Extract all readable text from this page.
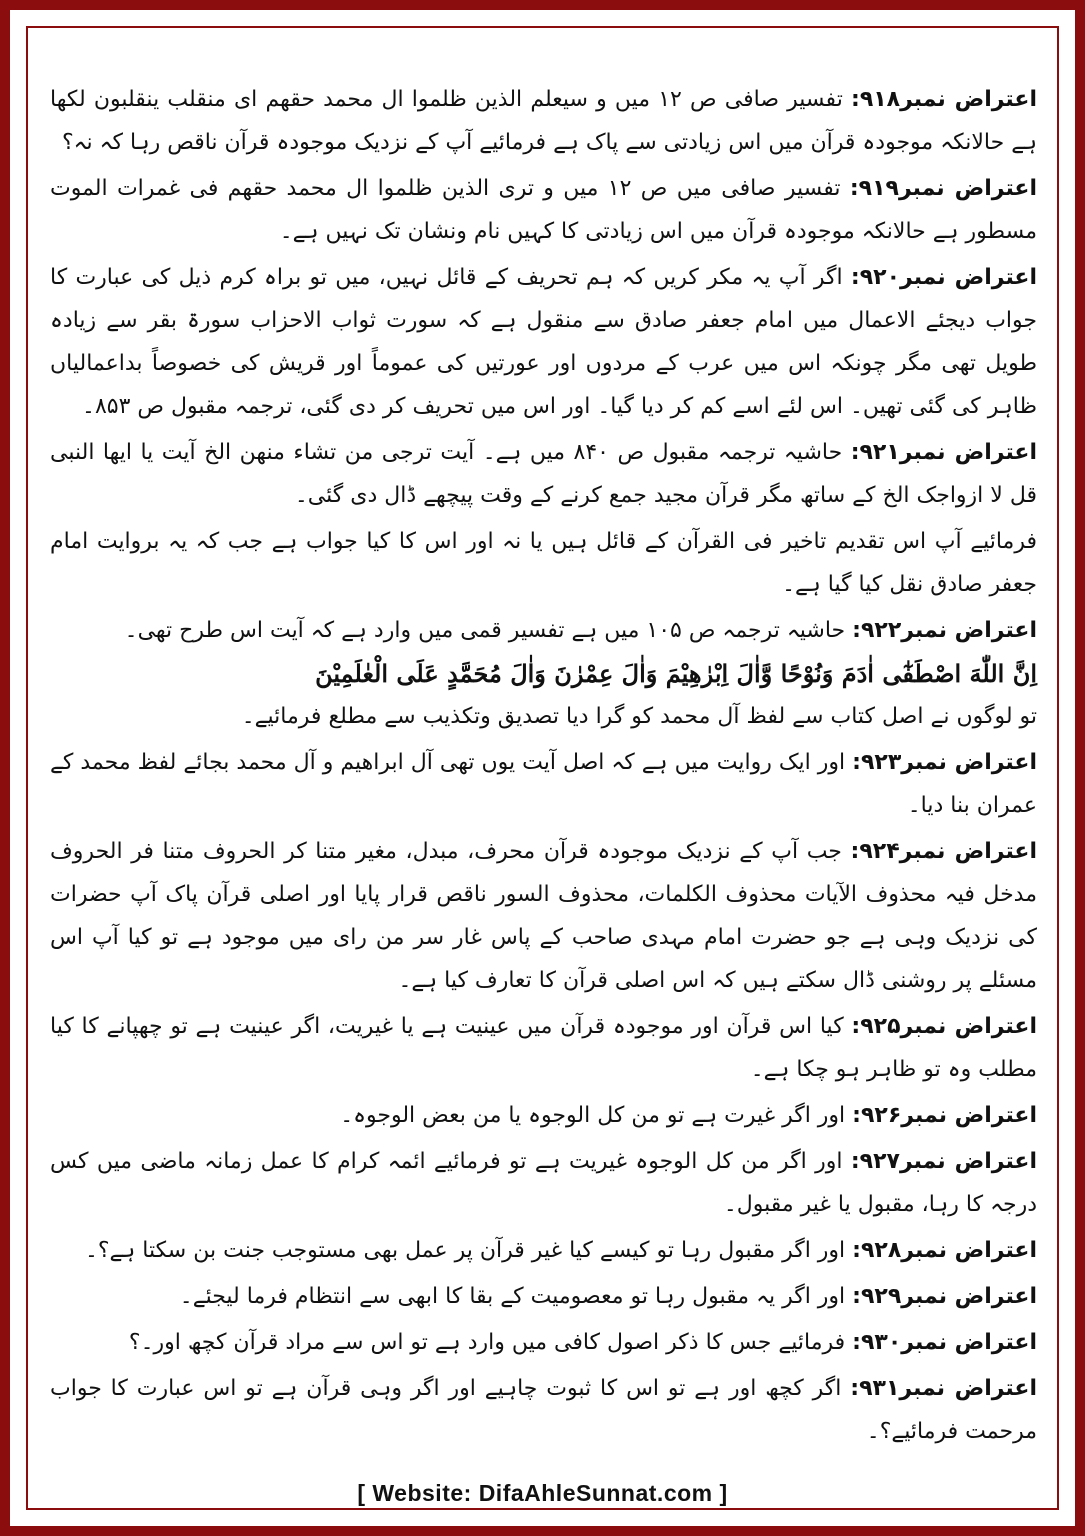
اعتراض نمبر۹۱۸: تفسیر صافی ص ۱۲ میں و سیعلم الذین ظلموا ال محمد حقهم ای منقلب ینقلبون لکھا ہے حالانکہ موجودہ قرآن میں اس زیادتی سے پاک ہے فرمائیے آپ کے نزدیک موجودہ قرآن ناقص رہا کہ نہ؟

اعتراض نمبر۹۱۹: تفسیر صافی میں ص ۱۲ میں و تری الذین ظلموا ال محمد حقهم فی غمرات الموت مسطور ہے حالانکہ موجودہ قرآن میں اس زیادتی کا کہیں نام ونشان تک نہیں ہے۔

اعتراض نمبر۹۲۰: اگر آپ یہ مکر کریں کہ ہم تحریف کے قائل نہیں، میں تو براہ کرم ذیل کی عبارت کا جواب دیجئے الاعمال میں امام جعفر صادق سے منقول ہے کہ سورت ثواب الاحزاب سورۃ بقر سے زیادہ طویل تھی مگر چونکہ اس میں عرب کے مردوں اور عورتیں کی عموماً اور قریش کی خصوصاً بداعمالیاں ظاہر کی گئی تھیں۔ اس لئے اسے کم کر دیا گیا۔ اور اس میں تحریف کر دی گئی، ترجمہ مقبول ص ۸۵۳۔

اعتراض نمبر۹۲۱: حاشیہ ترجمہ مقبول ص ۸۴۰ میں ہے۔ آیت ترجی من تشاء منهن الخ آیت یا ایها النبی قل لا ازواجک الخ کے ساتھ مگر قرآن مجید جمع کرنے کے وقت پیچھے ڈال دی گئی۔

فرمائیے آپ اس تقدیم تاخیر فی القرآن کے قائل ہیں یا نہ اور اس کا کیا جواب ہے جب کہ یہ بروایت امام جعفر صادق نقل کیا گیا ہے۔

اعتراض نمبر۹۲۲: حاشیہ ترجمہ ص ۱۰۵ میں ہے تفسیر قمی میں وارد ہے کہ آیت اس طرح تھی۔

اِنَّ اللّٰهَ اصْطَفٰٓى اٰدَمَ وَنُوْحًا وَّاٰلَ اِبْرٰهِيْمَ وَاٰلَ عِمْرٰنَ وَاٰلَ مُحَمَّدٍ عَلَى الْعٰلَمِيْنَ

تو لوگوں نے اصل کتاب سے لفظ آل محمد کو گرا دیا تصدیق وتکذیب سے مطلع فرمائیے۔

اعتراض نمبر۹۲۳: اور ایک روایت میں ہے کہ اصل آیت یوں تھی آل ابراهیم و آل محمد بجائے لفظ محمد کے عمران بنا دیا۔

اعتراض نمبر۹۲۴: جب آپ کے نزدیک موجودہ قرآن محرف، مبدل، مغیر متنا کر الحروف متنا فر الحروف مدخل فیہ محذوف الآیات محذوف الکلمات، محذوف السور ناقص قرار پایا اور اصلی قرآن پاک آپ حضرات کی نزدیک وہی ہے جو حضرت امام مہدی صاحب کے پاس غار سر من رای میں موجود ہے تو کیا آپ اس مسئلے پر روشنی ڈال سکتے ہیں کہ اس اصلی قرآن کا تعارف کیا ہے۔

اعتراض نمبر۹۲۵: کیا اس قرآن اور موجودہ قرآن میں عینیت ہے یا غیریت، اگر عینیت ہے تو چھپانے کا کیا مطلب وہ تو ظاہر ہو چکا ہے۔

اعتراض نمبر۹۲۶: اور اگر غیرت ہے تو من کل الوجوہ یا من بعض الوجوہ۔

اعتراض نمبر۹۲۷: اور اگر من کل الوجوہ غیریت ہے تو فرمائیے ائمہ کرام کا عمل زمانہ ماضی میں کس درجہ کا رہا، مقبول یا غیر مقبول۔

اعتراض نمبر۹۲۸: اور اگر مقبول رہا تو کیسے کیا غیر قرآن پر عمل بھی مستوجب جنت بن سکتا ہے؟۔

اعتراض نمبر۹۲۹: اور اگر یہ مقبول رہا تو معصومیت کے بقا کا ابھی سے انتظام فرما لیجئے۔

اعتراض نمبر۹۳۰: فرمائیے جس کا ذکر اصول کافی میں وارد ہے تو اس سے مراد قرآن کچھ اور۔؟

اعتراض نمبر۹۳۱: اگر کچھ اور ہے تو اس کا ثبوت چاہیے اور اگر وہی قرآن ہے تو اس عبارت کا جواب مرحمت فرمائیے؟۔

[ Website: DifaAhleSunnat.com ]
